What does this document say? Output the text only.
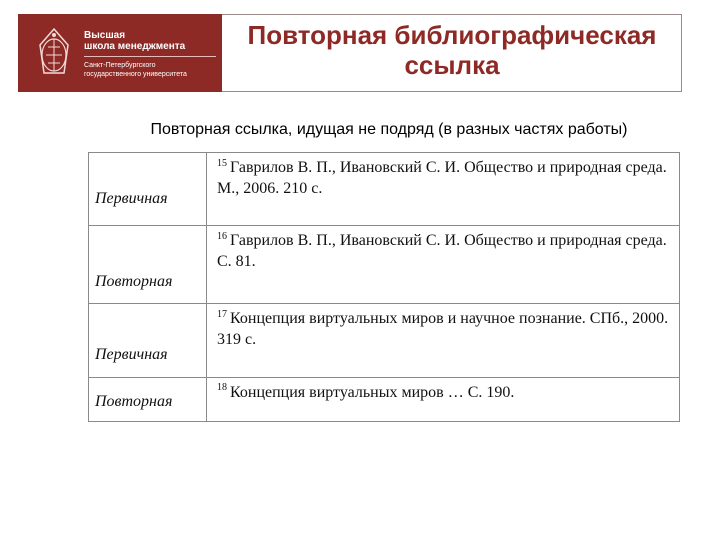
Высшая
школа менеджмента
Санкт-Петербургского
государственного университета
Повторная библиографическая
ссылка
Повторная ссылка, идущая не подряд (в разных частях работы)
Первичная	$^{15}$ Гаврилов В. П., Ивановский С. И. Общество и природная среда. М., 2006. 210 с.
Повторная	$^{16}$ Гаврилов В. П., Ивановский С. И. Общество и природная среда. С. 81.
Первичная	$^{17}$ Концепция виртуальных миров и научное познание. СПб., 2000. 319 с.
Повторная	$^{18}$ Концепция виртуальных миров … С. 190.
